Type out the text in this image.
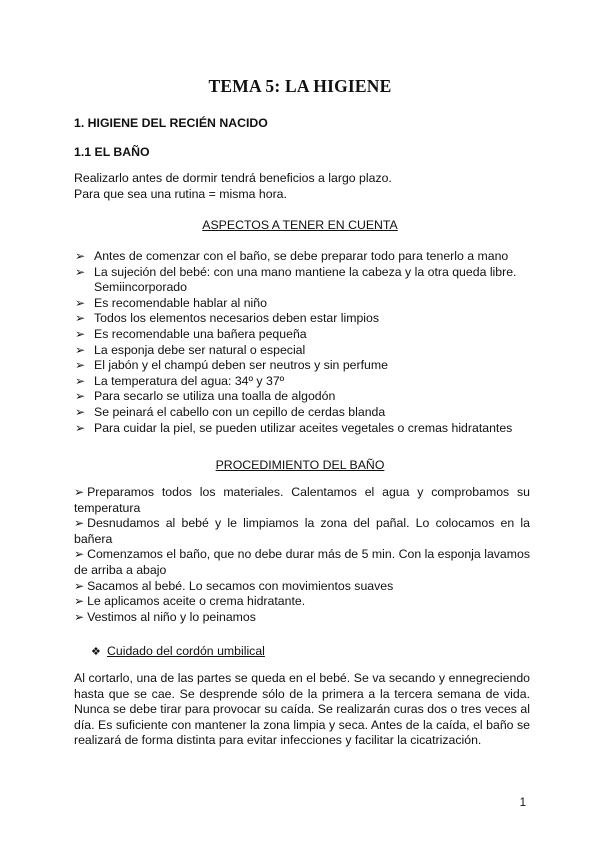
TEMA 5: LA HIGIENE
1. HIGIENE DEL RECIÉN NACIDO
1.1 EL BAÑO
Realizarlo antes de dormir tendrá beneficios a largo plazo.
Para que sea una rutina = misma hora.
ASPECTOS A TENER EN CUENTA
➢ Antes de comenzar con el baño, se debe preparar todo para tenerlo a mano
➢ La sujeción del bebé: con una mano mantiene la cabeza y la otra queda libre. Semiincorporado
➢ Es recomendable hablar al niño
➢ Todos los elementos necesarios deben estar limpios
➢ Es recomendable una bañera pequeña
➢ La esponja debe ser natural o especial
➢ El jabón y el champú deben ser neutros y sin perfume
➢ La temperatura del agua: 34º y 37º
➢ Para secarlo se utiliza una toalla de algodón
➢ Se peinará el cabello con un cepillo de cerdas blanda
➢ Para cuidar la piel, se pueden utilizar aceites vegetales o cremas hidratantes
PROCEDIMIENTO DEL BAÑO
➢ Preparamos todos los materiales. Calentamos el agua y comprobamos su temperatura
➢ Desnudamos al bebé y le limpiamos la zona del pañal. Lo colocamos en la bañera
➢ Comenzamos el baño, que no debe durar más de 5 min. Con la esponja lavamos de arriba a abajo
➢ Sacamos al bebé. Lo secamos con movimientos suaves
➢ Le aplicamos aceite o crema hidratante.
➢ Vestimos al niño y lo peinamos
❖ Cuidado del cordón umbilical
Al cortarlo, una de las partes se queda en el bebé. Se va secando y ennegreciendo hasta que se cae. Se desprende sólo de la primera a la tercera semana de vida. Nunca se debe tirar para provocar su caída. Se realizarán curas dos o tres veces al día. Es suficiente con mantener la zona limpia y seca. Antes de la caída, el baño se realizará de forma distinta para evitar infecciones y facilitar la cicatrización.
1
